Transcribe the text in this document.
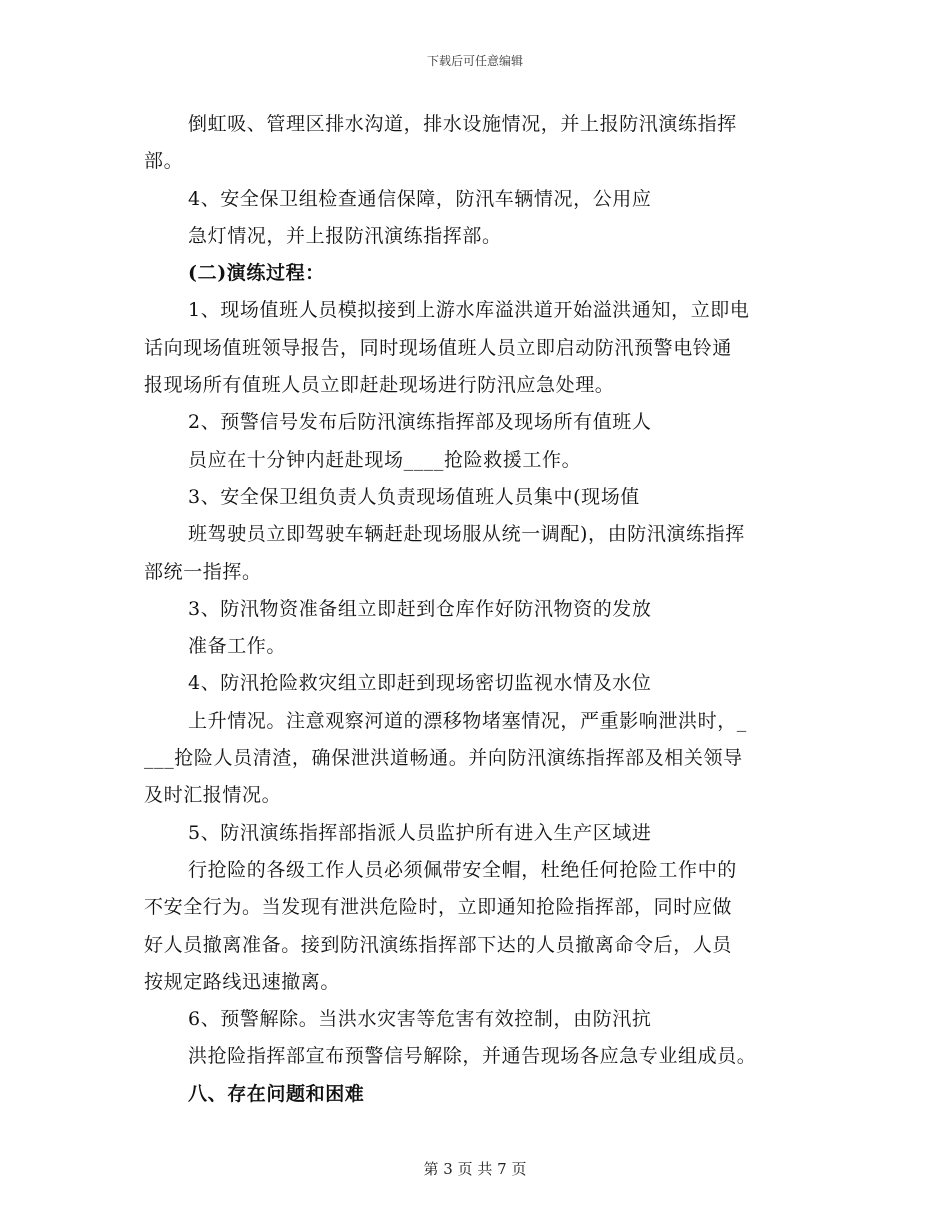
下载后可任意编辑
倒虹吸、管理区排水沟道，排水设施情况，并上报防汛演练指挥
部。
4、安全保卫组检查通信保障，防汛车辆情况，公用应
急灯情况，并上报防汛演练指挥部。
(二)演练过程：
1、现场值班人员模拟接到上游水库溢洪道开始溢洪通知，立即电
话向现场值班领导报告，同时现场值班人员立即启动防汛预警电铃通
报现场所有值班人员立即赶赴现场进行防汛应急处理。
2、预警信号发布后防汛演练指挥部及现场所有值班人
员应在十分钟内赶赴现场____抢险救援工作。
3、安全保卫组负责人负责现场值班人员集中(现场值
班驾驶员立即驾驶车辆赶赴现场服从统一调配)，由防汛演练指挥
部统一指挥。
3、防汛物资准备组立即赶到仓库作好防汛物资的发放
准备工作。
4、防汛抢险救灾组立即赶到现场密切监视水情及水位
上升情况。注意观察河道的漂移物堵塞情况，严重影响泄洪时，_
___抢险人员清渣，确保泄洪道畅通。并向防汛演练指挥部及相关领导
及时汇报情况。
5、防汛演练指挥部指派人员监护所有进入生产区域进
行抢险的各级工作人员必须佩带安全帽，杜绝任何抢险工作中的
不安全行为。当发现有泄洪危险时，立即通知抢险指挥部，同时应做
好人员撤离准备。接到防汛演练指挥部下达的人员撤离命令后，人员
按规定路线迅速撤离。
6、预警解除。当洪水灾害等危害有效控制，由防汛抗
洪抢险指挥部宣布预警信号解除，并通告现场各应急专业组成员。
八、存在问题和困难
第 3 页 共 7 页
